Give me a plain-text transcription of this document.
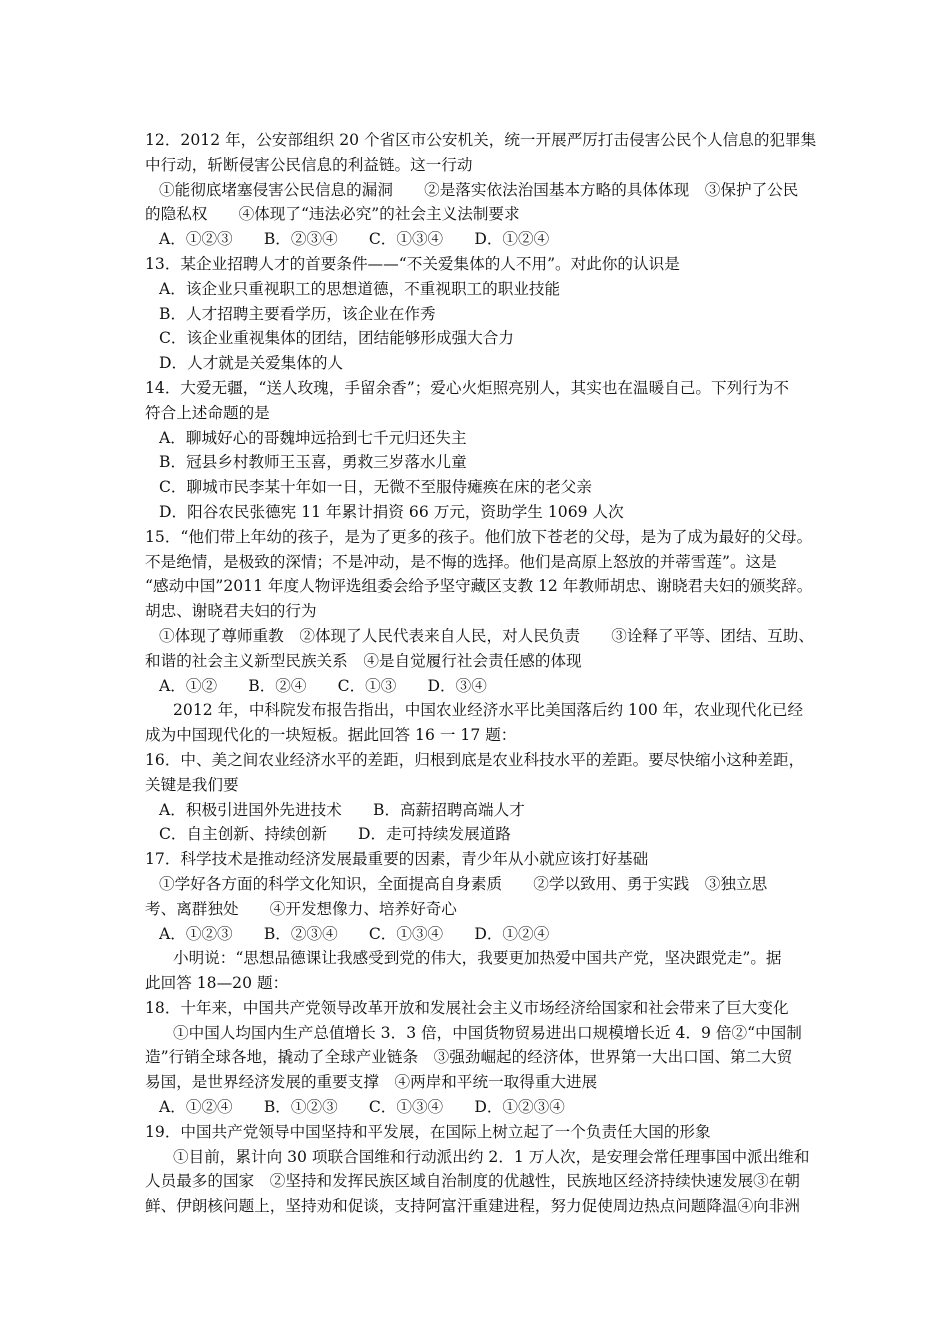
12．2012 年，公安部组织 20 个省区市公安机关，统一开展严厉打击侵害公民个人信息的犯罪集
中行动，斩断侵害公民信息的利益链。这一行动
①能彻底堵塞侵害公民信息的漏洞　　②是落实依法治国基本方略的具体体现　③保护了公民
的隐私权　　④体现了“违法必究”的社会主义法制要求
A．①②③　　B．②③④　　C．①③④　　D．①②④
13．某企业招聘人才的首要条件——“不关爱集体的人不用”。对此你的认识是
A．该企业只重视职工的思想道德，不重视职工的职业技能
B．人才招聘主要看学历，该企业在作秀
C．该企业重视集体的团结，团结能够形成强大合力
D．人才就是关爱集体的人
14．大爱无疆，“送人玫瑰，手留余香”；爱心火炬照亮别人，其实也在温暖自己。下列行为不
符合上述命题的是
A．聊城好心的哥魏坤远拾到七千元归还失主
B．冠县乡村教师王玉喜，勇救三岁落水儿童
C．聊城市民李某十年如一日，无微不至服侍瘫痪在床的老父亲
D．阳谷农民张德宪 11 年累计捐资 66 万元，资助学生 1069 人次
15．“他们带上年幼的孩子，是为了更多的孩子。他们放下苍老的父母，是为了成为最好的父母。
不是绝情，是极致的深情；不是冲动，是不悔的选择。他们是高原上怒放的并蒂雪莲”。这是
“感动中国”2011 年度人物评选组委会给予坚守藏区支教 12 年教师胡忠、谢晓君夫妇的颁奖辞。
胡忠、谢晓君夫妇的行为
①体现了尊师重教　②体现了人民代表来自人民，对人民负责　　③诠释了平等、团结、互助、
和谐的社会主义新型民族关系　④是自觉履行社会责任感的体现
A．①②　　B．②④　　C．①③　　D．③④
2012 年，中科院发布报告指出，中国农业经济水平比美国落后约 100 年，农业现代化已经
成为中国现代化的一块短板。据此回答 16 一 17 题：
16．中、美之间农业经济水平的差距，归根到底是农业科技水平的差距。要尽快缩小这种差距，
关键是我们要
A．积极引进国外先进技术　　B．高薪招聘高端人才
C．自主创新、持续创新　　D．走可持续发展道路
17．科学技术是推动经济发展最重要的因素，青少年从小就应该打好基础
①学好各方面的科学文化知识，全面提高自身素质　　②学以致用、勇于实践　③独立思
考、离群独处　　④开发想像力、培养好奇心
A．①②③　　B．②③④　　C．①③④　　D．①②④
小明说：“思想品德课让我感受到党的伟大，我要更加热爱中国共产党，坚决跟党走”。据
此回答 18—20 题：
18．十年来，中国共产党领导改革开放和发展社会主义市场经济给国家和社会带来了巨大变化
①中国人均国内生产总值增长 3．3 倍，中国货物贸易进出口规模增长近 4．9 倍②“中国制
造”行销全球各地，撬动了全球产业链条　③强劲崛起的经济体，世界第一大出口国、第二大贸
易国，是世界经济发展的重要支撑　④两岸和平统一取得重大进展
A．①②④　　B．①②③　　C．①③④　　D．①②③④
19．中国共产党领导中国坚持和平发展，在国际上树立起了一个负责任大国的形象
①目前，累计向 30 项联合国维和行动派出约 2．1 万人次，是安理会常任理事国中派出维和
人员最多的国家　②坚持和发挥民族区域自治制度的优越性，民族地区经济持续快速发展③在朝
鲜、伊朗核问题上，坚持劝和促谈，支持阿富汗重建进程，努力促使周边热点问题降温④向非洲
